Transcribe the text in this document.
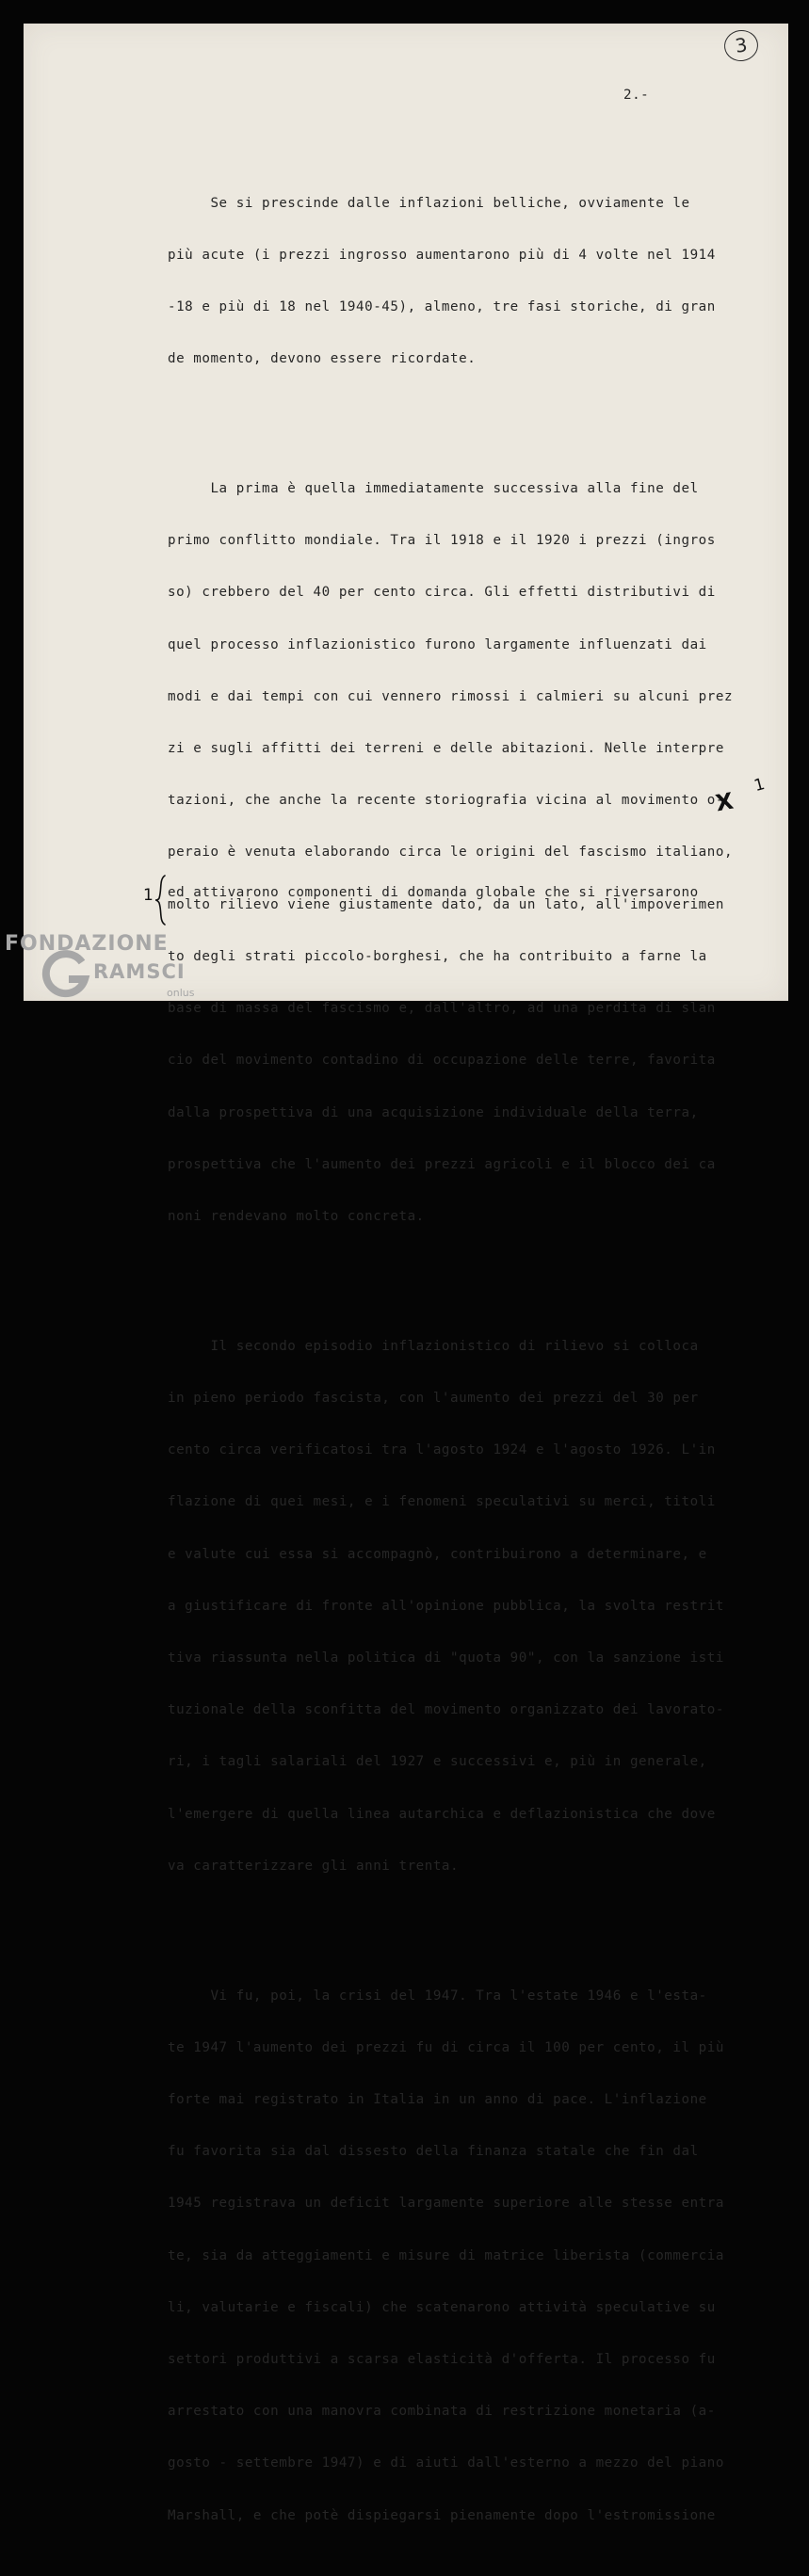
3
2.-

Se si prescinde dalle inflazioni belliche, ovviamente le

più acute (i prezzi ingrosso aumentarono più di 4 volte nel 1914

-18 e più di 18 nel 1940-45), almeno, tre fasi storiche, di gran

de momento, devono essere ricordate.

La prima è quella immediatamente successiva alla fine del

primo conflitto mondiale. Tra il 1918 e il 1920 i prezzi (ingros

so) crebbero del 40 per cento circa. Gli effetti distributivi di

quel processo inflazionistico furono largamente influenzati dai

modi e dai tempi con cui vennero rimossi i calmieri su alcuni prez

zi e sugli affitti dei terreni e delle abitazioni. Nelle interpre

tazioni, che anche la recente storiografia vicina al movimento o-

peraio è venuta elaborando circa le origini del fascismo italiano,

molto rilievo viene giustamente dato, da un lato, all'impoverimen

to degli strati piccolo-borghesi, che ha contribuito a farne la

base di massa del fascismo e, dall'altro, ad una perdita di slan

cio del movimento contadino di occupazione delle terre, favorita

dalla prospettiva di una acquisizione individuale della terra,

prospettiva che l'aumento dei prezzi agricoli e il blocco dei ca

noni rendevano molto concreta.

Il secondo episodio inflazionistico di rilievo si colloca

in pieno periodo fascista, con l'aumento dei prezzi del 30 per

cento circa verificatosi tra l'agosto 1924 e l'agosto 1926. L'in

flazione di quei mesi, e i fenomeni speculativi su merci, titoli

e valute cui essa si accompagnò, contribuirono a determinare, e

a giustificare di fronte all'opinione pubblica, la svolta restrit

tiva riassunta nella politica di "quota 90", con la sanzione isti

tuzionale della sconfitta del movimento organizzato dei lavorato-

ri, i tagli salariali del 1927 e successivi e, più in generale,

l'emergere di quella linea autarchica e deflazionistica che dove

va caratterizzare gli anni trenta.

Vi fu, poi, la crisi del 1947. Tra l'estate 1946 e l'esta-

te 1947 l'aumento dei prezzi fu di circa il 100 per cento, il più

forte mai registrato in Italia in un anno di pace. L'inflazione

fu favorita sia dal dissesto della finanza statale che fin dal

1945 registrava un deficit largamente superiore alle stesse entra

te, sia da atteggiamenti e misure di matrice liberista (commercia

li, valutarie e fiscali) che scatenarono attività speculative su

settori produttivi a scarsa elasticità d'offerta. Il processo fu

arrestato con una manovra combinata di restrizione monetaria (a-

gosto - settembre 1947) e di aiuti dall'esterno a mezzo del piano

Marshall, e che potè dispiegarsi pienamente dopo l'estromissione

X
1
1 ed attivarono componenti di domanda globale che si riversarono
FONDAZIONE
RAMSCI
onlus
